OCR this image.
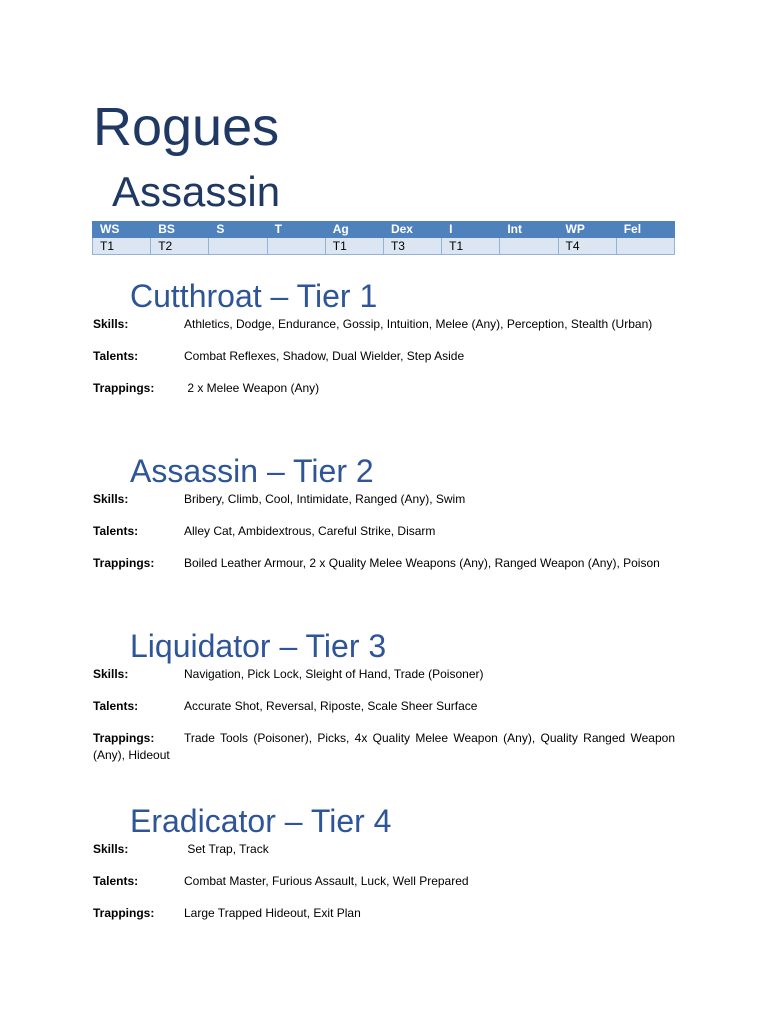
Rogues
Assassin
WS	BS	S	T	Ag	Dex	I	Int	WP	Fel
T1	T2			T1	T3	T1		T4	
Cutthroat – Tier 1
Skills:	Athletics, Dodge, Endurance, Gossip, Intuition, Melee (Any), Perception, Stealth (Urban)
Talents:	Combat Reflexes, Shadow, Dual Wielder, Step Aside
Trappings: 2 x Melee Weapon (Any)
Assassin – Tier 2
Skills:	Bribery, Climb, Cool, Intimidate, Ranged (Any), Swim
Talents:	Alley Cat, Ambidextrous, Careful Strike, Disarm
Trappings: Boiled Leather Armour, 2 x Quality Melee Weapons (Any), Ranged Weapon (Any), Poison
Liquidator – Tier 3
Skills:	Navigation, Pick Lock, Sleight of Hand, Trade (Poisoner)
Talents:	Accurate Shot, Reversal, Riposte, Scale Sheer Surface
Trappings:	Trade Tools (Poisoner), Picks, 4x Quality Melee Weapon (Any), Quality Ranged Weapon (Any), Hideout
Eradicator – Tier 4
Skills:	Set Trap, Track
Talents:	Combat Master, Furious Assault, Luck, Well Prepared
Trappings: Large Trapped Hideout, Exit Plan
